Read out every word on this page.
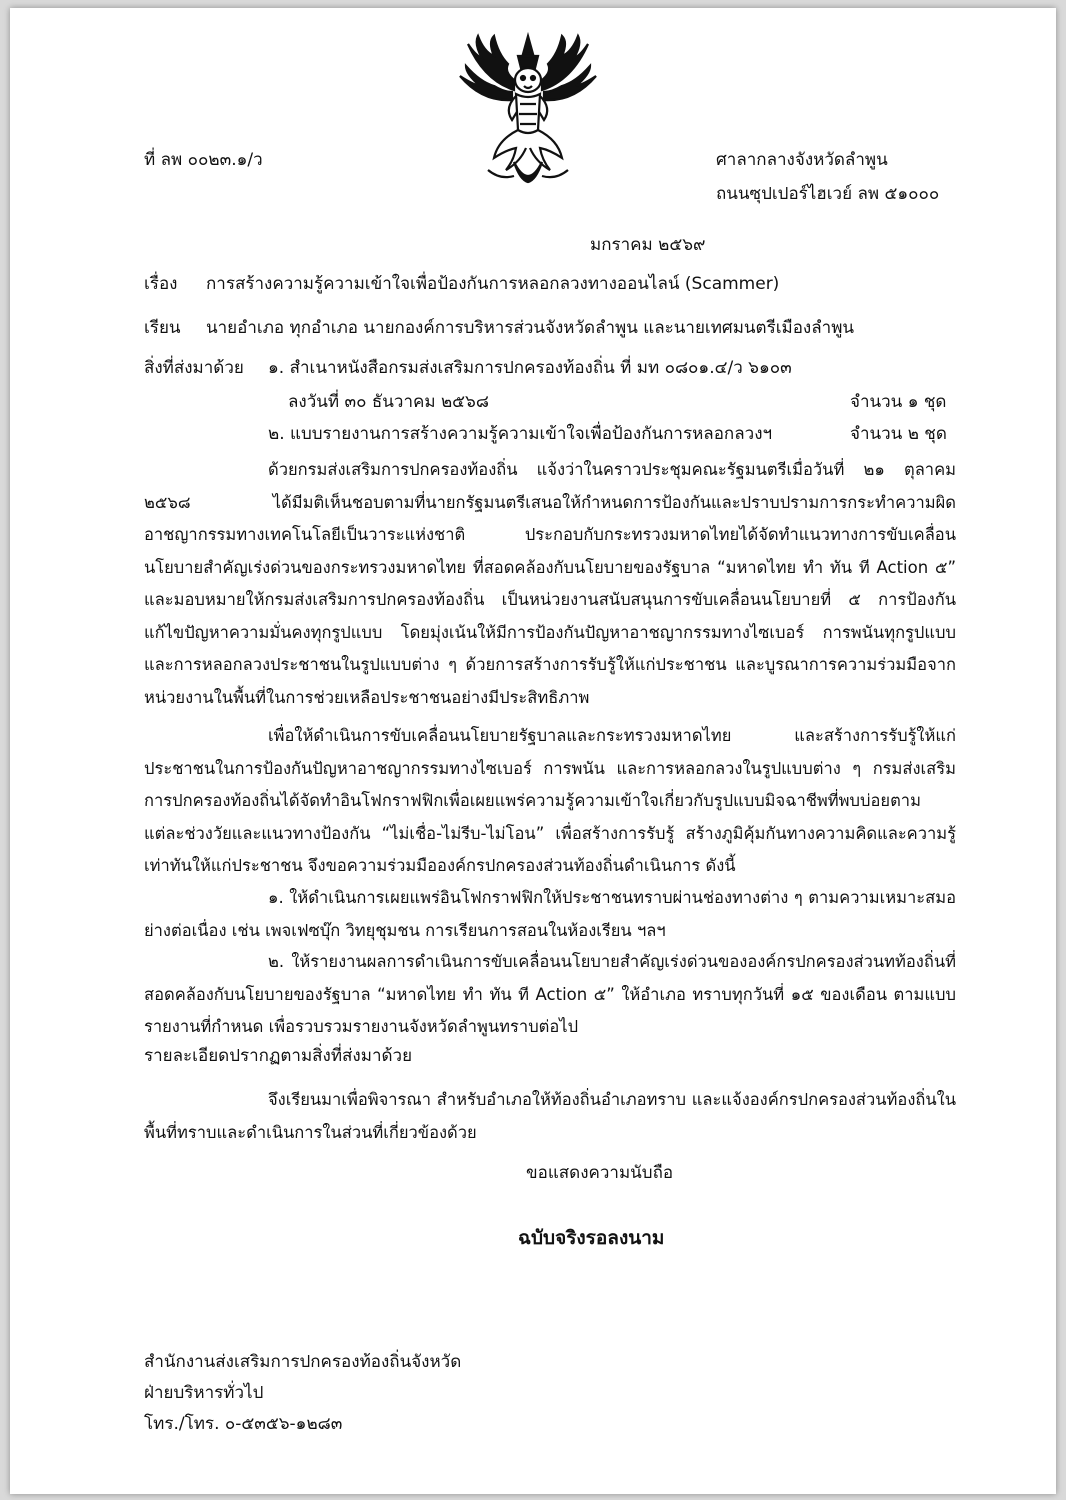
ที่ ลพ ๐๐๒๓.๑/ว	ศาลากลางจังหวัดลำพูน
ถนนซุปเปอร์ไฮเวย์ ลพ ๕๑๐๐๐
มกราคม ๒๕๖๙
เรื่อง การสร้างความรู้ความเข้าใจเพื่อป้องกันการหลอกลวงทางออนไลน์ (Scammer)
เรียน นายอำเภอ ทุกอำเภอ นายกองค์การบริหารส่วนจังหวัดลำพูน และนายเทศมนตรีเมืองลำพูน
สิ่งที่ส่งมาด้วย ๑. สำเนาหนังสือกรมส่งเสริมการปกครองท้องถิ่น ที่ มท ๐๘๐๑.๔/ว ๖๑๐๓
ลงวันที่ ๓๐ ธันวาคม ๒๕๖๘	จำนวน ๑ ชุด
๒. แบบรายงานการสร้างความรู้ความเข้าใจเพื่อป้องกันการหลอกลวงฯ	จำนวน ๒ ชุด

ด้วยกรมส่งเสริมการปกครองท้องถิ่น แจ้งว่าในคราวประชุมคณะรัฐมนตรีเมื่อวันที่ ๒๑ ตุลาคม ๒๕๖๘ ได้มีมติเห็นชอบตามที่นายกรัฐมนตรีเสนอให้กำหนดการป้องกันและปราบปรามการกระทำความผิดอาชญากรรมทางเทคโนโลยีเป็นวาระแห่งชาติ ประกอบกับกระทรวงมหาดไทยได้จัดทำแนวทางการขับเคลื่อนนโยบายสำคัญเร่งด่วนของกระทรวงมหาดไทย ที่สอดคล้องกับนโยบายของรัฐบาล “มหาดไทย ทำ ทัน ที Action ๕” และมอบหมายให้กรมส่งเสริมการปกครองท้องถิ่น เป็นหน่วยงานสนับสนุนการขับเคลื่อนนโยบายที่ ๕ การป้องกันแก้ไขปัญหาความมั่นคงทุกรูปแบบ โดยมุ่งเน้นให้มีการป้องกันปัญหาอาชญากรรมทางไซเบอร์ การพนันทุกรูปแบบและการหลอกลวงประชาชนในรูปแบบต่าง ๆ ด้วยการสร้างการรับรู้ให้แก่ประชาชน และบูรณาการความร่วมมือจากหน่วยงานในพื้นที่ในการช่วยเหลือประชาชนอย่างมีประสิทธิภาพ

เพื่อให้ดำเนินการขับเคลื่อนนโยบายรัฐบาลและกระทรวงมหาดไทย และสร้างการรับรู้ให้แก่ประชาชนในการป้องกันปัญหาอาชญากรรมทางไซเบอร์ การพนัน และการหลอกลวงในรูปแบบต่าง ๆ กรมส่งเสริมการปกครองท้องถิ่นได้จัดทำอินโฟกราฟฟิกเพื่อเผยแพร่ความรู้ความเข้าใจเกี่ยวกับรูปแบบมิจฉาชีพที่พบบ่อยตามแต่ละช่วงวัยและแนวทางป้องกัน “ไม่เชื่อ-ไม่รีบ-ไม่โอน” เพื่อสร้างการรับรู้ สร้างภูมิคุ้มกันทางความคิดและความรู้เท่าทันให้แก่ประชาชน จึงขอความร่วมมือองค์กรปกครองส่วนท้องถิ่นดำเนินการ ดังนี้

๑. ให้ดำเนินการเผยแพร่อินโฟกราฟฟิกให้ประชาชนทราบผ่านช่องทางต่าง ๆ ตามความเหมาะสมอย่างต่อเนื่อง เช่น เพจเฟซบุ๊ก วิทยุชุมชน การเรียนการสอนในห้องเรียน ฯลฯ

๒. ให้รายงานผลการดำเนินการขับเคลื่อนนโยบายสำคัญเร่งด่วนขององค์กรปกครองส่วนทท้องถิ่นที่สอดคล้องกับนโยบายของรัฐบาล “มหาดไทย ทำ ทัน ที Action ๕” ให้อำเภอ ทราบทุกวันที่ ๑๕ ของเดือน ตามแบบรายงานที่กำหนด เพื่อรวบรวมรายงานจังหวัดลำพูนทราบต่อไป

รายละเอียดปรากฏตามสิ่งที่ส่งมาด้วย

จึงเรียนมาเพื่อพิจารณา สำหรับอำเภอให้ท้องถิ่นอำเภอทราบ และแจ้งองค์กรปกครองส่วนท้องถิ่นในพื้นที่ทราบและดำเนินการในส่วนที่เกี่ยวข้องด้วย

ขอแสดงความนับถือ
ฉบับจริงรอลงนาม
สำนักงานส่งเสริมการปกครองท้องถิ่นจังหวัด
ฝ่ายบริหารทั่วไป
โทร./โทร. ๐-๕๓๕๖-๑๒๘๓
